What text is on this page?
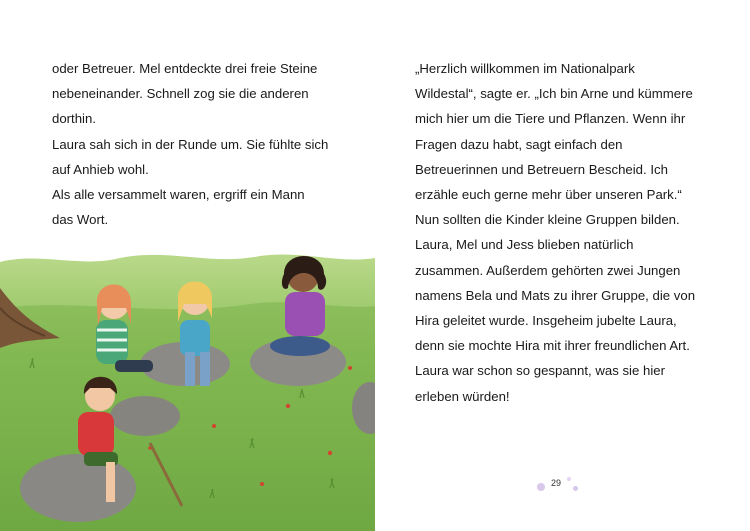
oder Betreuer. Mel entdeckte drei freie Steine
nebeneinander. Schnell zog sie die anderen
dorthin.
Laura sah sich in der Runde um. Sie fühlte sich
auf Anhieb wohl.
Als alle versammelt waren, ergriff ein Mann
das Wort.
„Herzlich willkommen im Nationalpark
Wildestal“, sagte er. „Ich bin Arne und kümmere
mich hier um die Tiere und Pflanzen. Wenn ihr
Fragen dazu habt, sagt einfach den
Betreuerinnen und Betreuern Bescheid. Ich
erzähle euch gerne mehr über unseren Park.“
Nun sollten die Kinder kleine Gruppen bilden.
Laura, Mel und Jess blieben natürlich
zusammen. Außerdem gehörten zwei Jungen
namens Bela und Mats zu ihrer Gruppe, die von
Hira geleitet wurde. Insgeheim jubelte Laura,
denn sie mochte Hira mit ihrer freundlichen Art.
Laura war schon so gespannt, was sie hier
erleben würden!
29
